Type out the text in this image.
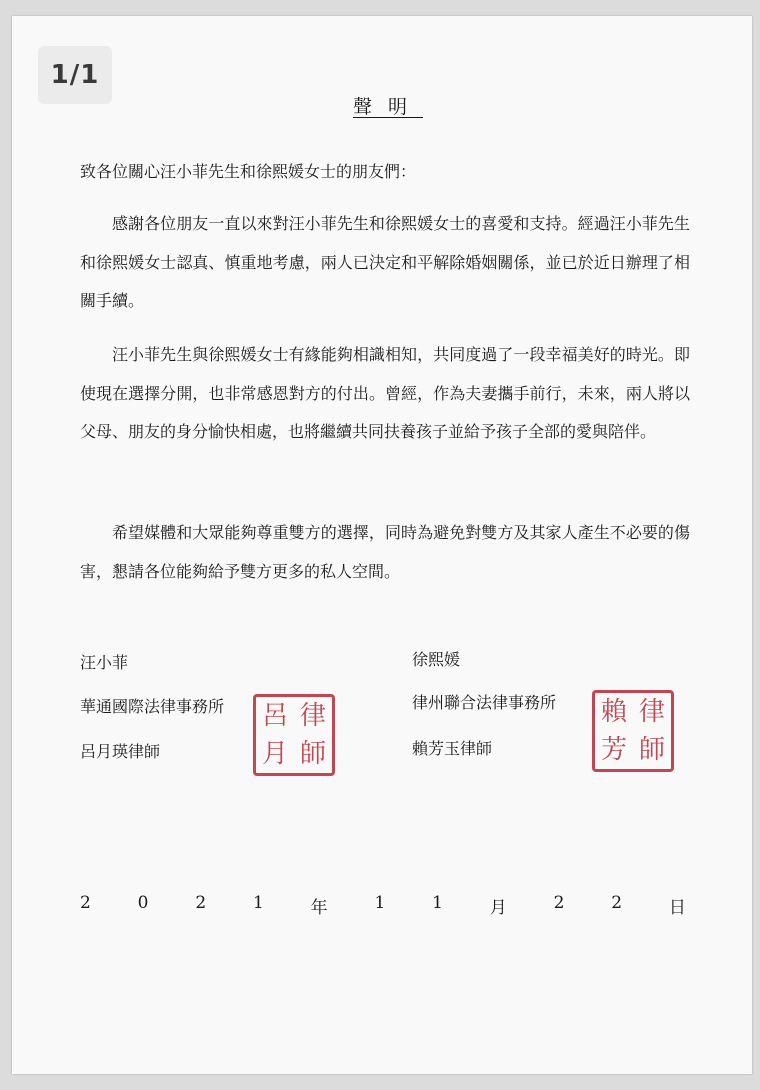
1/1
聲明
致各位關心汪小菲先生和徐熙媛女士的朋友們：

感謝各位朋友一直以來對汪小菲先生和徐熙媛女士的喜愛和支持。經過汪小菲先生和徐熙媛女士認真、慎重地考慮，兩人已決定和平解除婚姻關係，並已於近日辦理了相關手續。

汪小菲先生與徐熙媛女士有緣能夠相識相知，共同度過了一段幸福美好的時光。即使現在選擇分開，也非常感恩對方的付出。曾經，作為夫妻攜手前行，未來，兩人將以父母、朋友的身分愉快相處，也將繼續共同扶養孩子並給予孩子全部的愛與陪伴。

希望媒體和大眾能夠尊重雙方的選擇，同時為避免對雙方及其家人產生不必要的傷害，懇請各位能夠給予雙方更多的私人空間。

汪小菲
華通國際法律事務所
呂月瑛律師
呂 律
月 師
徐熙媛
律州聯合法律事務所
賴芳玉律師
賴 律
芳 師
2	0	2	1	年	1	1	月	2	2	日
